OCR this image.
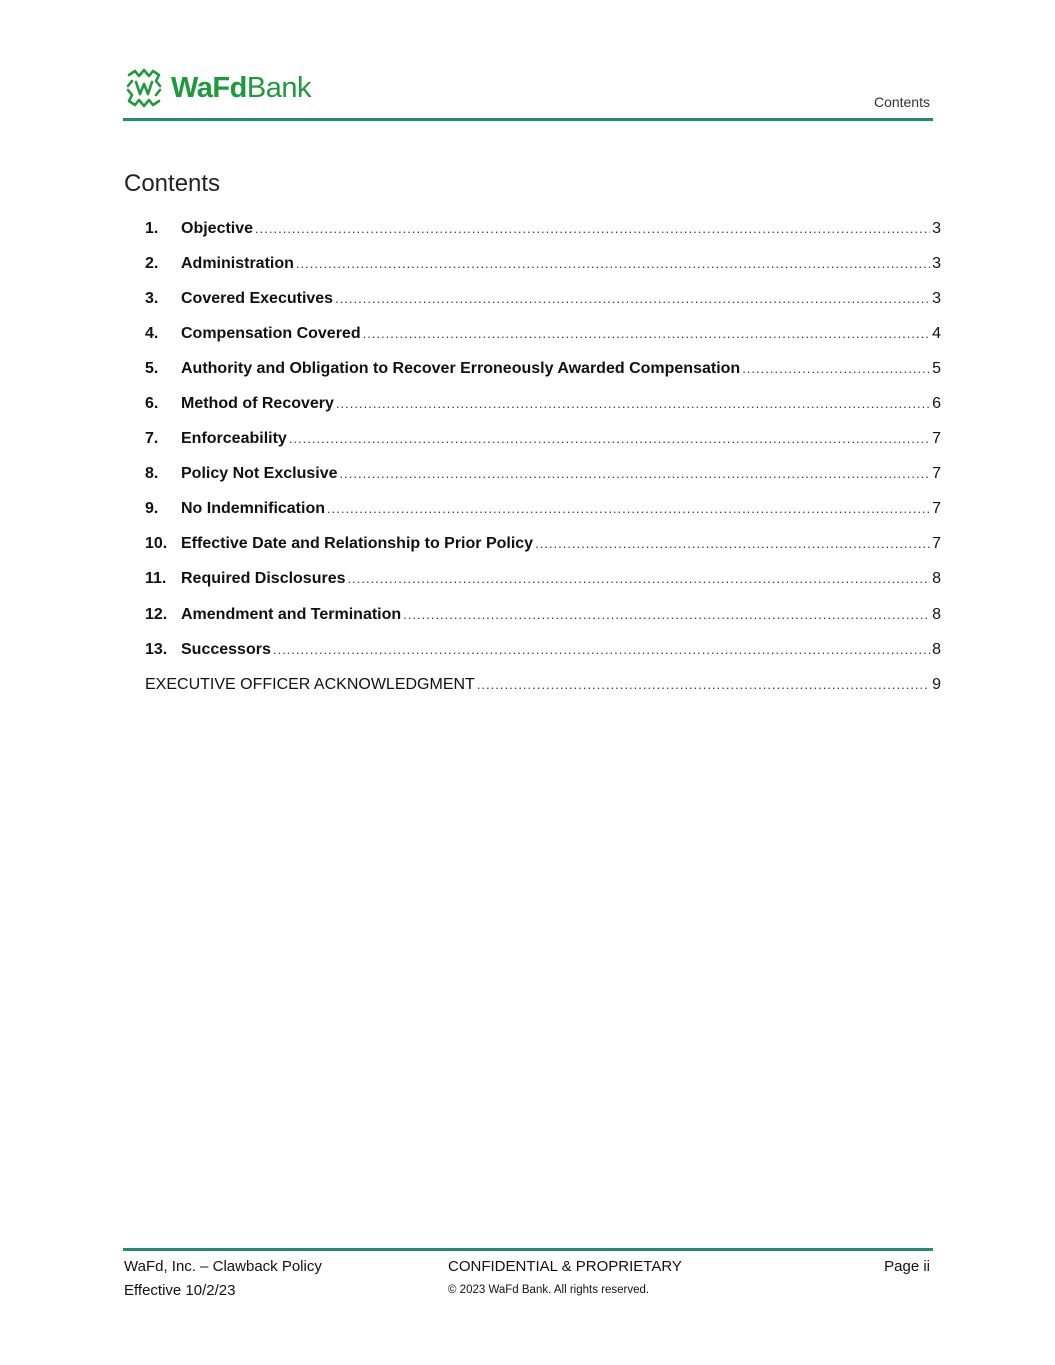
WaFdBank	Contents
Contents
1.	Objective .....	3
2.	Administration .....	3
3.	Covered Executives .....	3
4.	Compensation Covered .....	4
5.	Authority and Obligation to Recover Erroneously Awarded Compensation .....	5
6.	Method of Recovery .....	6
7.	Enforceability .....	7
8.	Policy Not Exclusive .....	7
9.	No Indemnification .....	7
10. Effective Date and Relationship to Prior Policy .....	7
11. Required Disclosures .....	8
12. Amendment and Termination .....	8
13. Successors .....	8
EXECUTIVE OFFICER ACKNOWLEDGMENT .....	9
WaFd, Inc. – Clawback Policy
Effective 10/2/23
CONFIDENTIAL & PROPRIETARY
© 2023 WaFd Bank. All rights reserved.
Page ii
